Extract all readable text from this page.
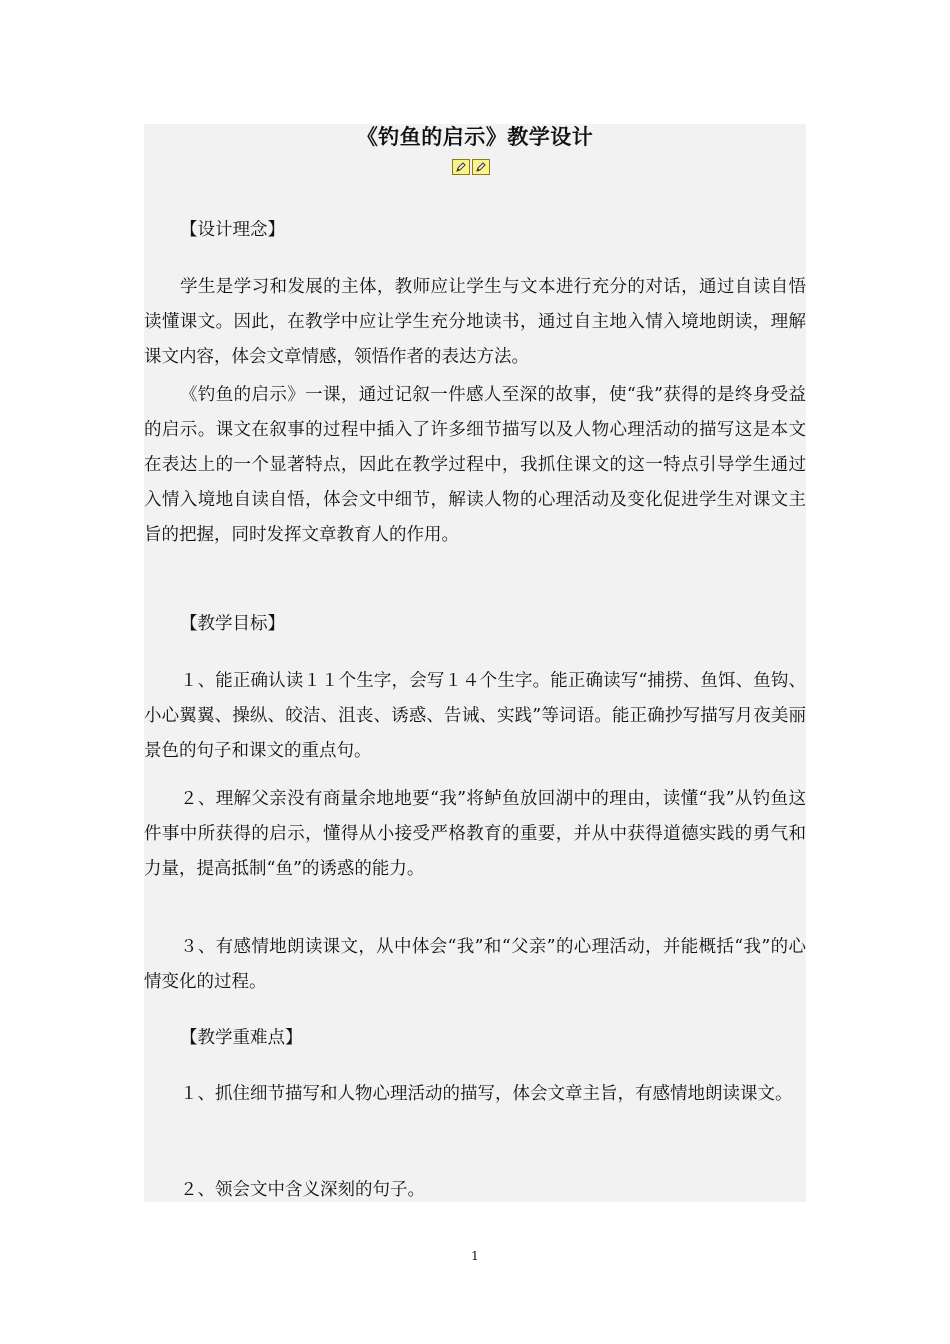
《钓鱼的启示》教学设计
【设计理念】

学生是学习和发展的主体，教师应让学生与文本进行充分的对话，通过自读自悟读懂课文。因此，在教学中应让学生充分地读书，通过自主地入情入境地朗读，理解课文内容，体会文章情感，领悟作者的表达方法。

《钓鱼的启示》一课，通过记叙一件感人至深的故事，使“我”获得的是终身受益的启示。课文在叙事的过程中插入了许多细节描写以及人物心理活动的描写这是本文在表达上的一个显著特点，因此在教学过程中，我抓住课文的这一特点引导学生通过入情入境地自读自悟，体会文中细节，解读人物的心理活动及变化促进学生对课文主旨的把握，同时发挥文章教育人的作用。

【教学目标】

１、能正确认读１１个生字，会写１４个生字。能正确读写“捕捞、鱼饵、鱼钩、小心翼翼、操纵、皎洁、沮丧、诱惑、告诫、实践”等词语。能正确抄写描写月夜美丽景色的句子和课文的重点句。

２、理解父亲没有商量余地地要“我”将鲈鱼放回湖中的理由，读懂“我”从钓鱼这件事中所获得的启示，懂得从小接受严格教育的重要，并从中获得道德实践的勇气和力量，提高抵制“鱼”的诱惑的能力。

３、有感情地朗读课文，从中体会“我”和“父亲”的心理活动，并能概括“我”的心情变化的过程。

【教学重难点】

１、抓住细节描写和人物心理活动的描写，体会文章主旨，有感情地朗读课文。

２、领会文中含义深刻的句子。

1
